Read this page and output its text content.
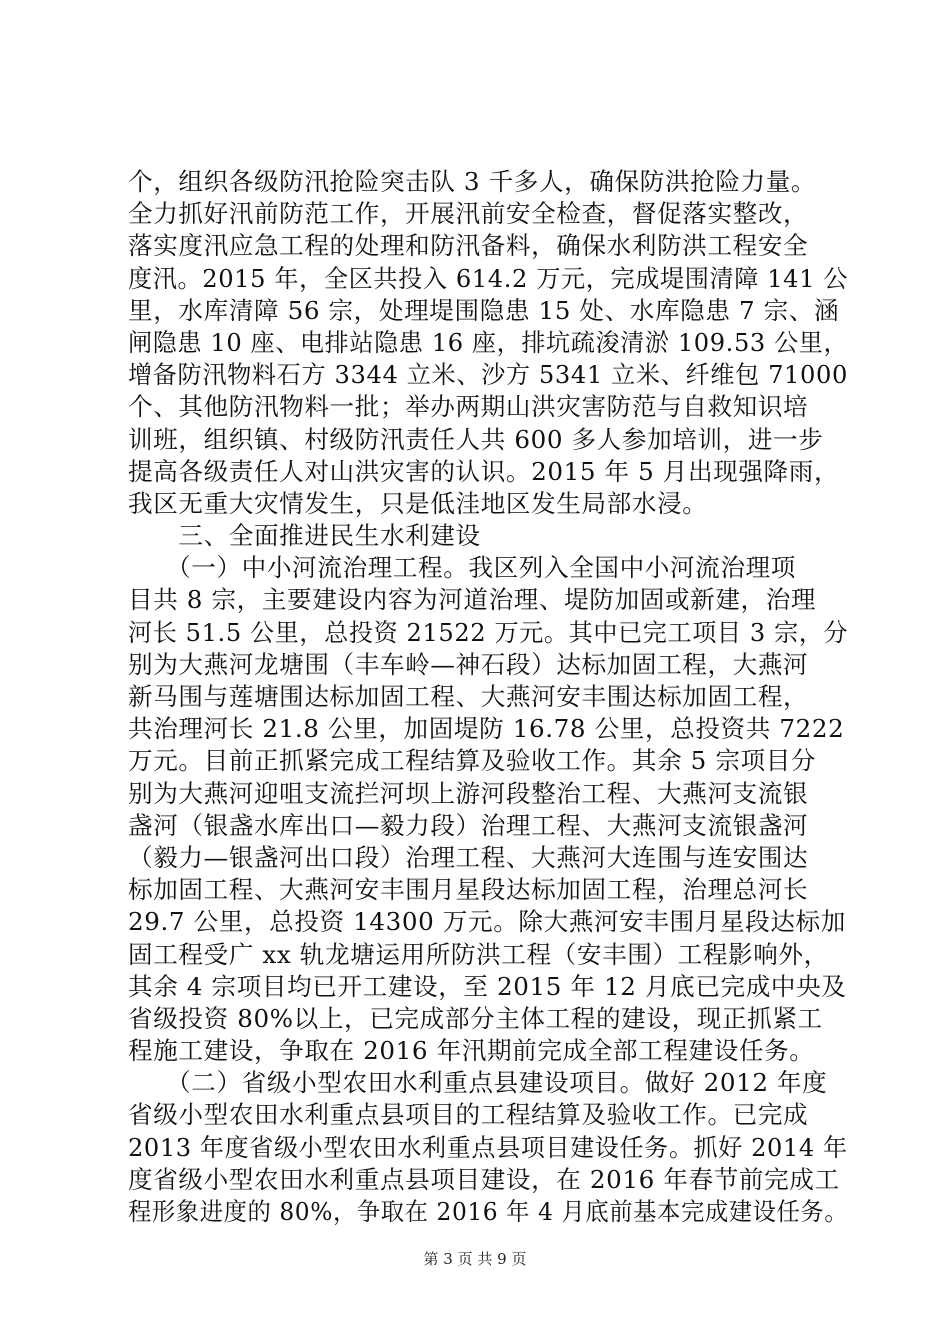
个，组织各级防汛抢险突击队 3 千多人，确保防洪抢险力量。
全力抓好汛前防范工作，开展汛前安全检查，督促落实整改，
落实度汛应急工程的处理和防汛备料，确保水利防洪工程安全
度汛。2015 年，全区共投入 614.2 万元，完成堤围清障 141 公
里，水库清障 56 宗，处理堤围隐患 15 处、水库隐患 7 宗、涵
闸隐患 10 座、电排站隐患 16 座，排坑疏浚清淤 109.53 公里，
增备防汛物料石方 3344 立米、沙方 5341 立米、纤维包 71000
个、其他防汛物料一批；举办两期山洪灾害防范与自救知识培
训班，组织镇、村级防汛责任人共 600 多人参加培训，进一步
提高各级责任人对山洪灾害的认识。2015 年 5 月出现强降雨，
我区无重大灾情发生，只是低洼地区发生局部水浸。
　　三、全面推进民生水利建设
　　（一）中小河流治理工程。我区列入全国中小河流治理项
目共 8 宗，主要建设内容为河道治理、堤防加固或新建，治理
河长 51.5 公里，总投资 21522 万元。其中已完工项目 3 宗，分
别为大燕河龙塘围（丰车岭—神石段）达标加固工程，大燕河
新马围与莲塘围达标加固工程、大燕河安丰围达标加固工程，
共治理河长 21.8 公里，加固堤防 16.78 公里，总投资共 7222
万元。目前正抓紧完成工程结算及验收工作。其余 5 宗项目分
别为大燕河迎咀支流拦河坝上游河段整治工程、大燕河支流银
盏河（银盏水库出口—毅力段）治理工程、大燕河支流银盏河
（毅力—银盏河出口段）治理工程、大燕河大连围与连安围达
标加固工程、大燕河安丰围月星段达标加固工程，治理总河长
29.7 公里，总投资 14300 万元。除大燕河安丰围月星段达标加
固工程受广 xx 轨龙塘运用所防洪工程（安丰围）工程影响外，
其余 4 宗项目均已开工建设，至 2015 年 12 月底已完成中央及
省级投资 80%以上，已完成部分主体工程的建设，现正抓紧工
程施工建设，争取在 2016 年汛期前完成全部工程建设任务。
　　（二）省级小型农田水利重点县建设项目。做好 2012 年度
省级小型农田水利重点县项目的工程结算及验收工作。已完成
2013 年度省级小型农田水利重点县项目建设任务。抓好 2014 年
度省级小型农田水利重点县项目建设，在 2016 年春节前完成工
程形象进度的 80%，争取在 2016 年 4 月底前基本完成建设任务。
第 3 页 共 9 页
